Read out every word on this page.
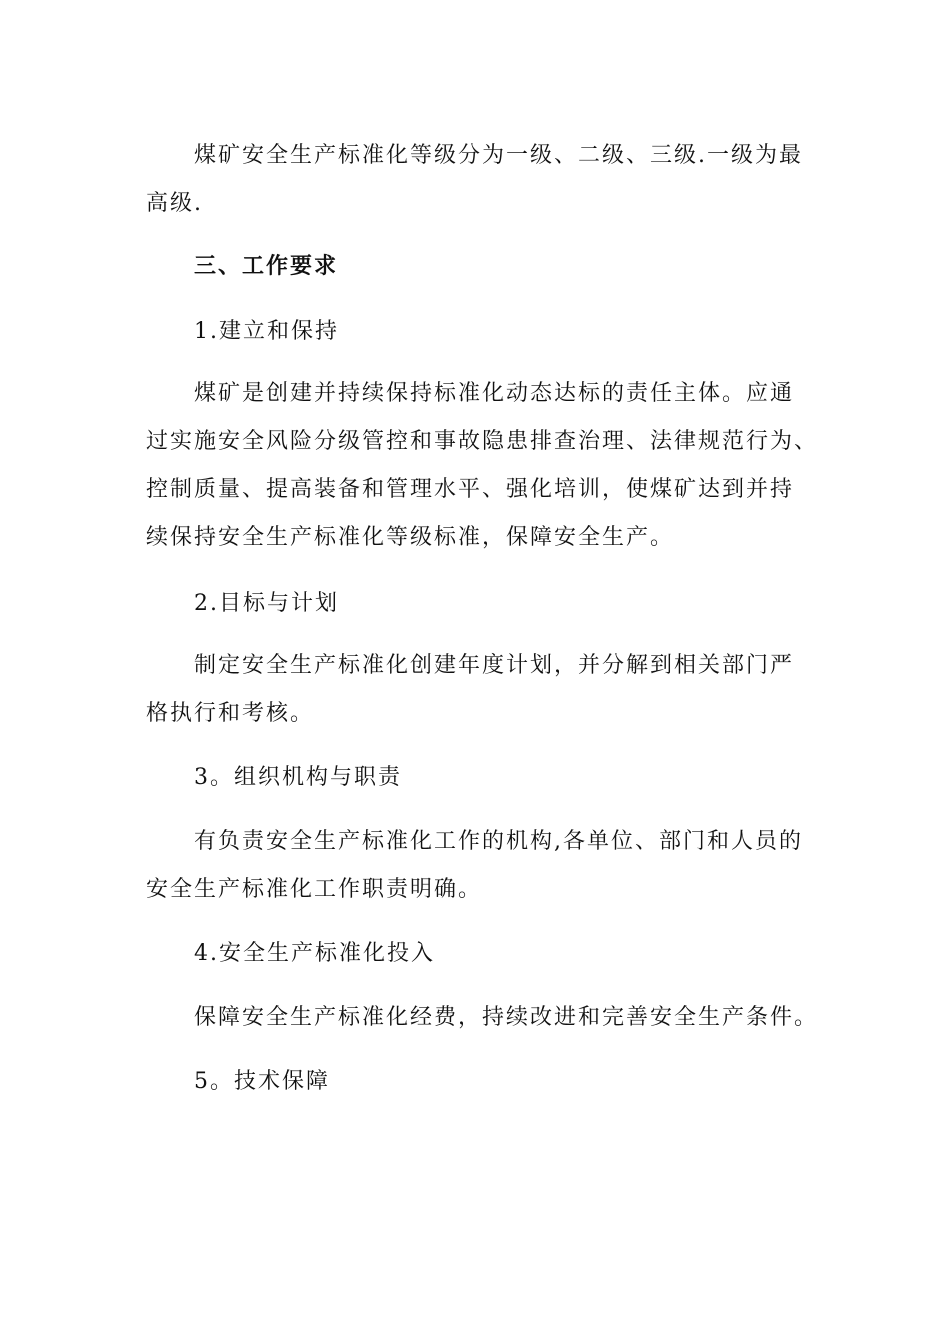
煤矿安全生产标准化等级分为一级、二级、三级.一级为最
高级.
三、工作要求
1.建立和保持
煤矿是创建并持续保持标准化动态达标的责任主体。应通
过实施安全风险分级管控和事故隐患排查治理、法律规范行为、
控制质量、提高装备和管理水平、强化培训，使煤矿达到并持
续保持安全生产标准化等级标准，保障安全生产。
2.目标与计划
制定安全生产标准化创建年度计划，并分解到相关部门严
格执行和考核。
3。组织机构与职责
有负责安全生产标准化工作的机构,各单位、部门和人员的
安全生产标准化工作职责明确。
4.安全生产标准化投入
保障安全生产标准化经费，持续改进和完善安全生产条件。
5。技术保障
